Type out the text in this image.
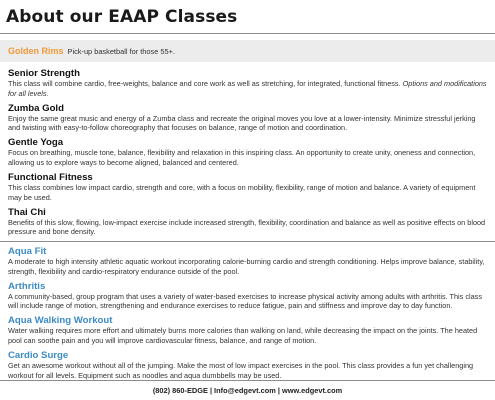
About our EAAP Classes
Golden Rims Pick-up basketball for those 55+.
Senior Strength

This class will combine cardio, free-weights, balance and core work as well as stretching, for integrated, functional fitness. Options and modifications for all levels.

Zumba Gold

Enjoy the same great music and energy of a Zumba class and recreate the original moves you love at a lower-intensity. Minimize stressful jerking and twisting with easy-to-follow choreography that focuses on balance, range of motion and coordination.

Gentle Yoga

Focus on breathing, muscle tone, balance, flexibility and relaxation in this inspiring class. An opportunity to create unity, oneness and connection, allowing us to explore ways to become aligned, balanced and centered.

Functional Fitness

This class combines low impact cardio, strength and core, with a focus on mobility, flexibility, range of motion and balance. A variety of equipment may be used.

Thai Chi

Benefits of this slow, flowing, low-impact exercise include increased strength, flexibility, coordination and balance as well as positive effects on blood pressure and bone density.

Aqua Fit

A moderate to high intensity athletic aquatic workout incorporating calorie-burning cardio and strength conditioning. Helps improve balance, stability, strength, flexibility and cardio-respiratory endurance outside of the pool.

Arthritis

A community-based, group program that uses a variety of water-based exercises to increase physical activity among adults with arthritis. This class will include range of motion, strengthening and endurance exercises to reduce fatigue, pain and stiffness and improve day to day function.

Aqua Walking Workout

Water walking requires more effort and ultimately burns more calories than walking on land, while decreasing the impact on the joints. The heated pool can soothe pain and you will improve cardiovascular fitness, balance, and range of motion.

Cardio Surge

Get an awesome workout without all of the jumping. Make the most of low impact exercises in the pool. This class provides a fun yet challenging workout for all levels. Equipment such as noodles and aqua dumbbells may be used.

(802) 860-EDGE | Info@edgevt.com | www.edgevt.com
